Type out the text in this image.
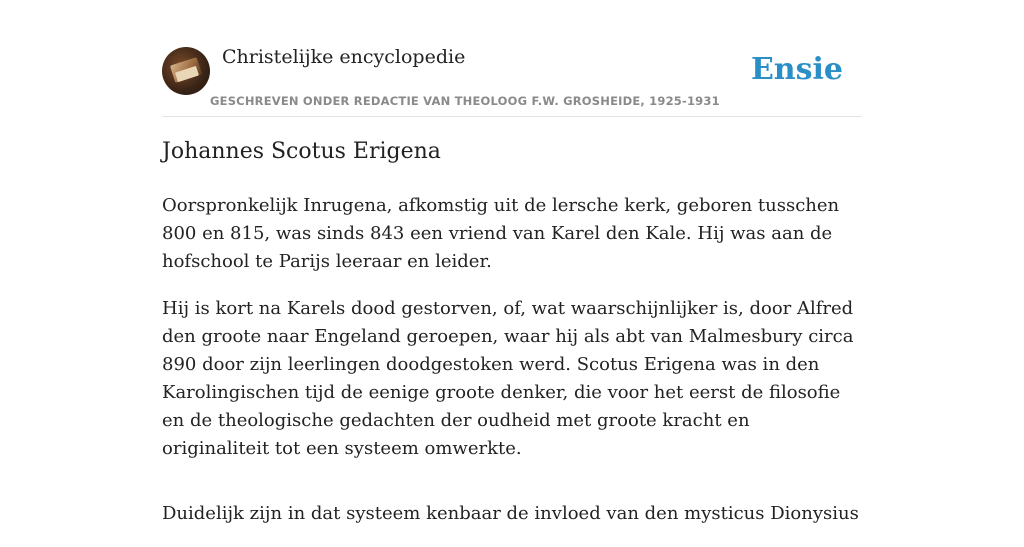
Christelijke encyclopedie
GESCHREVEN ONDER REDACTIE VAN THEOLOOG F.W. GROSHEIDE, 1925-1931
Ensie
Johannes Scotus Erigena

Oorspronkelijk Inrugena, afkomstig uit de lersche kerk, geboren tusschen 800 en 815, was sinds 843 een vriend van Karel den Kale. Hij was aan de hofschool te Parijs leeraar en leider.

Hij is kort na Karels dood gestorven, of, wat waarschijnlijker is, door Alfred den groote naar Engeland geroepen, waar hij als abt van Malmesbury circa 890 door zijn leerlingen doodgestoken werd. Scotus Erigena was in den Karolingischen tijd de eenige groote denker, die voor het eerst de filosofie en de theologische gedachten der oudheid met groote kracht en originaliteit tot een systeem omwerkte.

Duidelijk zijn in dat systeem kenbaar de invloed van den mysticus Dionysius
